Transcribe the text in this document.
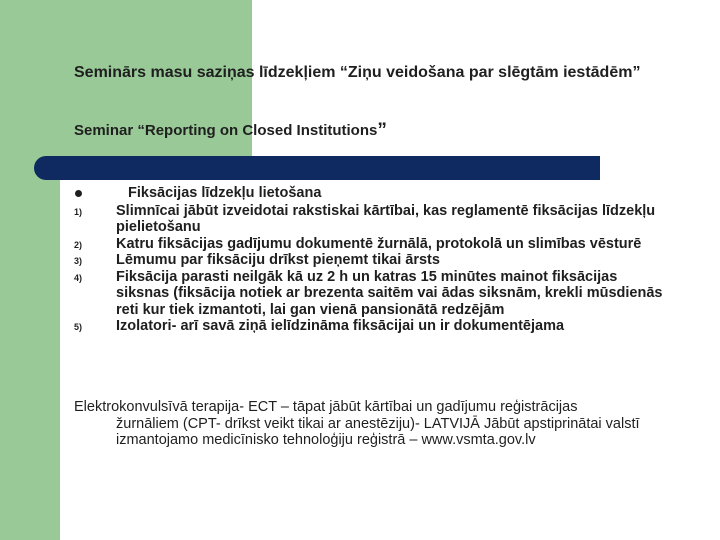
Seminārs masu saziņas līdzekļiem “Ziņu veidošana par slēgtām iestādēm”
Seminar “Reporting on Closed Institutions”
Fiksācijas līdzekļu lietošana
1) Slimnīcai jābūt izveidotai rakstiskai kārtībai, kas reglamentē fiksācijas līdzekļu pielietošanu
2) Katru fiksācijas gadījumu dokumentē žurnālā, protokolā un slimības vēsturē
3) Lēmumu par fiksāciju drīkst pieņemt tikai ārsts
4) Fiksācija parasti neilgāk kā uz 2 h un katras 15 minūtes mainot fiksācijas siksnas (fiksācija notiek ar brezenta saitēm vai ādas siksnām, krekli mūsdienās reti kur tiek izmantoti, lai gan vienā pansionātā redzējām
5) Izolatori- arī savā ziņā ielīdzināma fiksācijai un ir dokumentējama
Elektrokonvulsīvā terapija- ECT – tāpat jābūt kārtībai un gadījumu reģistrācijas
žurnāliem (CPT- drīkst veikt tikai ar anestēziju)- LATVIJĀ Jābūt apstiprinātai valstī izmantojamo medicīnisko tehnoloģiju reģistrā – www.vsmta.gov.lv
